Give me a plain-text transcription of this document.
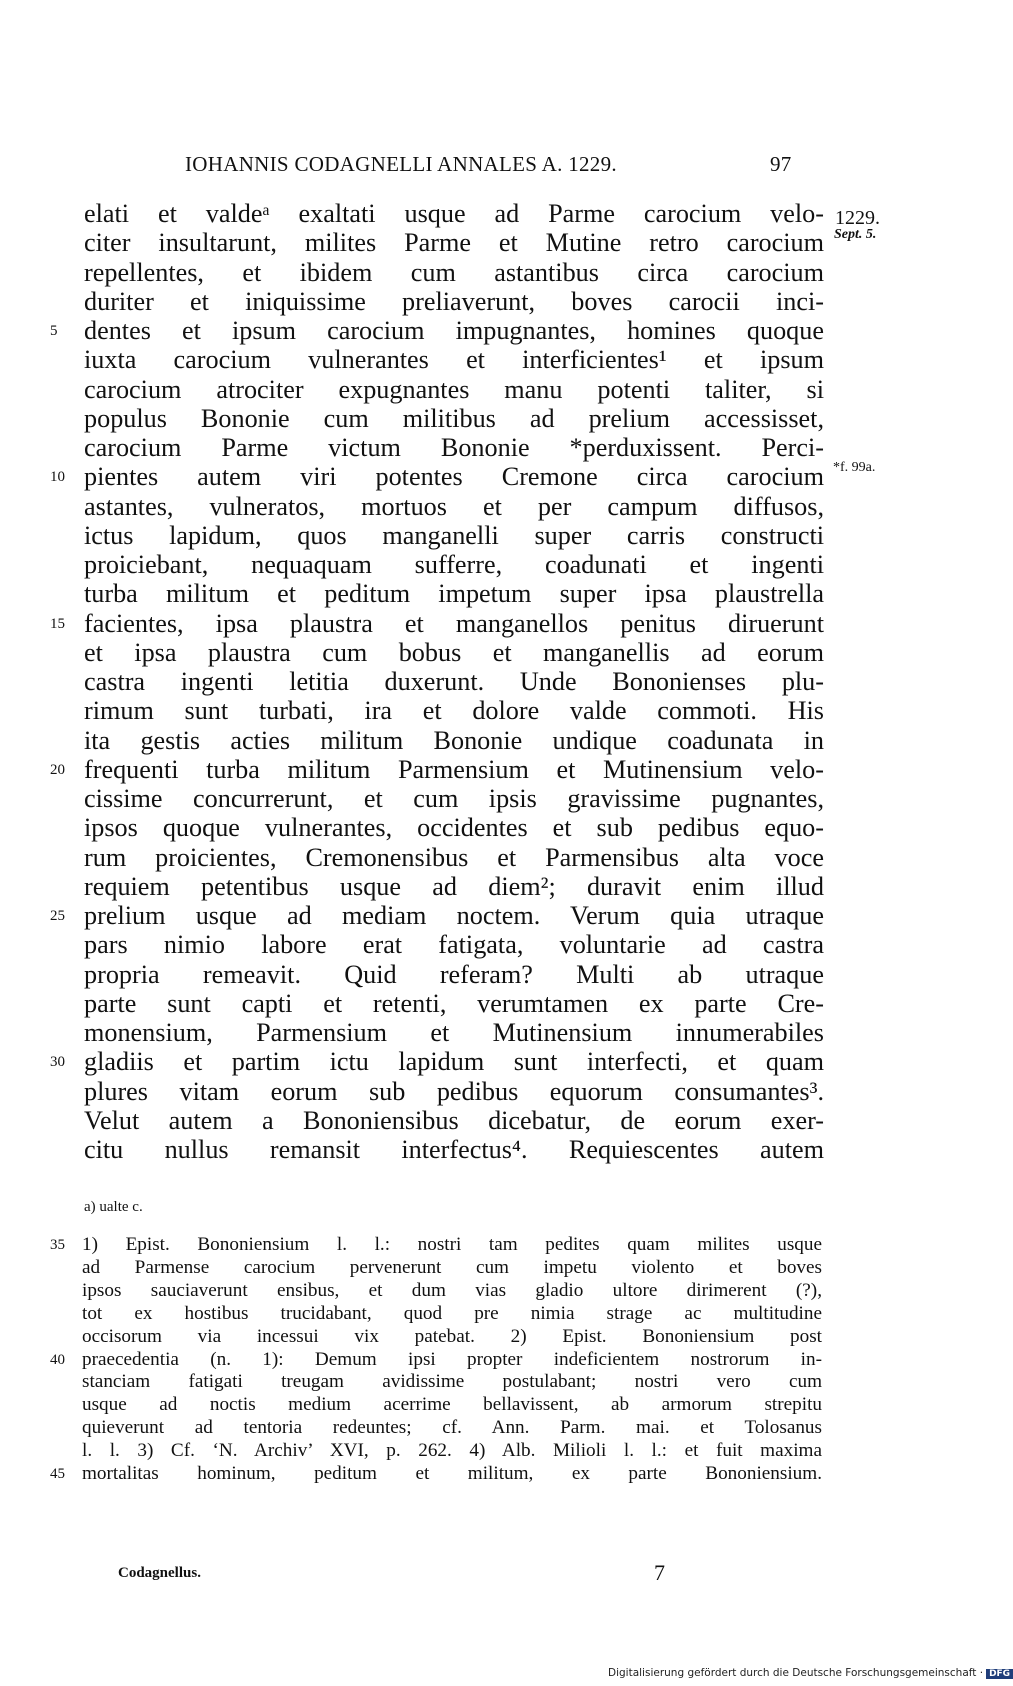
IOHANNIS CODAGNELLI ANNALES A. 1229.	97
1229.
Sept. 5.
*f. 99a.
elati et valdeᵃ exaltati usque ad Parme carocium velo-
citer insultarunt, milites Parme et Mutine retro carocium
repellentes, et ibidem cum astantibus circa carocium
duriter et iniquissime preliaverunt, boves carocii inci-
dentes et ipsum carocium impugnantes, homines quoque
5
iuxta carocium vulnerantes et interficientes¹ et ipsum
carocium atrociter expugnantes manu potenti taliter, si
populus Bononie cum militibus ad prelium accessisset,
carocium Parme victum Bononie *perduxissent. Perci-
pientes autem viri potentes Cremone circa carocium
10
astantes, vulneratos, mortuos et per campum diffusos,
ictus lapidum, quos manganelli super carris constructi
proiciebant, nequaquam sufferre, coadunati et ingenti
turba militum et peditum impetum super ipsa plaustrella
facientes, ipsa plaustra et manganellos penitus diruerunt
15
et ipsa plaustra cum bobus et manganellis ad eorum
castra ingenti letitia duxerunt. Unde Bononienses plu-
rimum sunt turbati, ira et dolore valde commoti. His
ita gestis acties militum Bononie undique coadunata in
frequenti turba militum Parmensium et Mutinensium velo-
20
cissime concurrerunt, et cum ipsis gravissime pugnantes,
ipsos quoque vulnerantes, occidentes et sub pedibus equo-
rum proicientes, Cremonensibus et Parmensibus alta voce
requiem petentibus usque ad diem²; duravit enim illud
prelium usque ad mediam noctem. Verum quia utraque
25
pars nimio labore erat fatigata, voluntarie ad castra
propria remeavit. Quid referam? Multi ab utraque
parte sunt capti et retenti, verumtamen ex parte Cre-
monensium, Parmensium et Mutinensium innumerabiles
gladiis et partim ictu lapidum sunt interfecti, et quam
30
plures vitam eorum sub pedibus equorum consumantes³.
Velut autem a Bononiensibus dicebatur, de eorum exer-
citu nullus remansit interfectus⁴. Requiescentes autem
a) ualte c.
1) Epist. Bononiensium l. l.: nostri tam pedites quam milites usque
35
ad Parmense carocium pervenerunt cum impetu violento et boves
ipsos sauciaverunt ensibus, et dum vias gladio ultore dirimerent (?),
tot ex hostibus trucidabant, quod pre nimia strage ac multitudine
occisorum via incessui vix patebat. 2) Epist. Bononiensium post
praecedentia (n. 1): Demum ipsi propter indeficientem nostrorum in-
40
stanciam fatigati treugam avidissime postulabant; nostri vero cum
usque ad noctis medium acerrime bellavissent, ab armorum strepitu
quieverunt ad tentoria redeuntes; cf. Ann. Parm. mai. et Tolosanus
l. l. 3) Cf. ‘N. Archiv’ XVI, p. 262. 4) Alb. Milioli l. l.: et fuit maxima
mortalitas hominum, peditum et militum, ex parte Bononiensium.
45
Codagnellus.	7
Digitalisierung gefördert durch die Deutsche Forschungsgemeinschaft · DFG
